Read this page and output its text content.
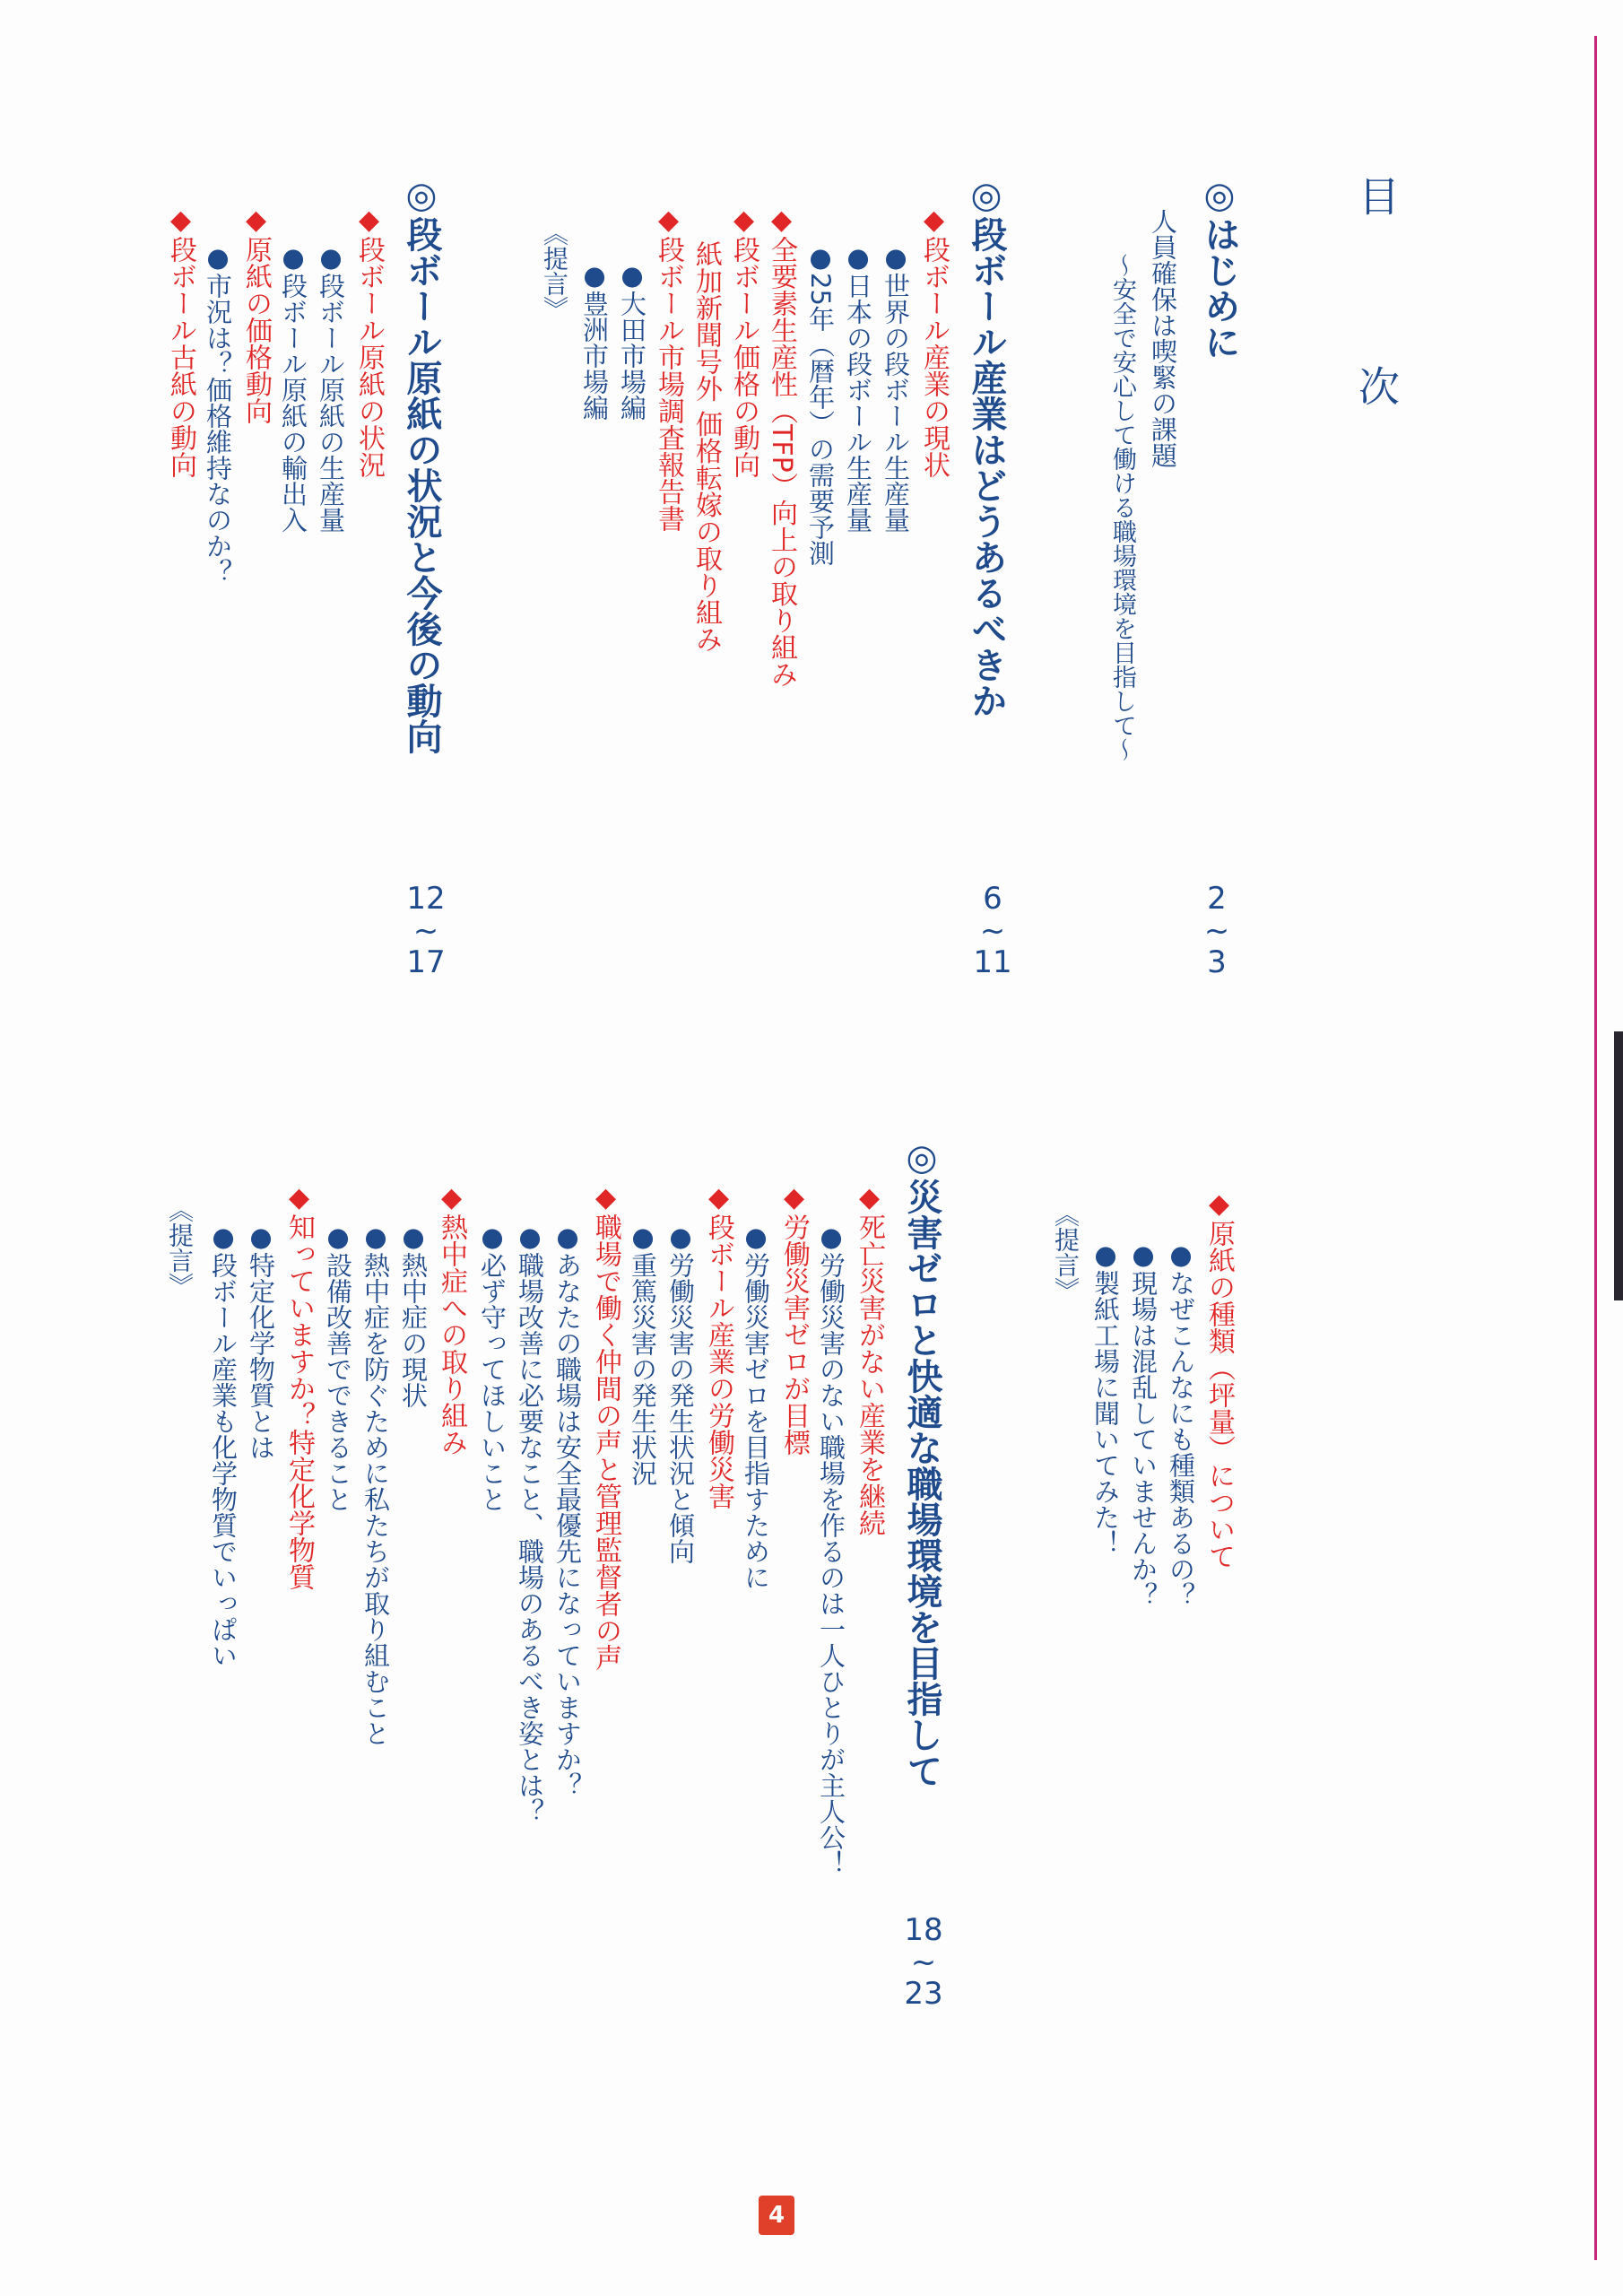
目　次
◎はじめに
人員確保は喫緊の課題
～安全で安心して働ける職場環境を目指して～
2
~
3
◎段ボール産業はどうあるべきか
◆段ボール産業の現状
●世界の段ボール生産量
●日本の段ボール生産量
●25年（暦年）の需要予測
◆全要素生産性（TFP）向上の取り組み
◆段ボール価格の動向
紙加新聞号外 価格転嫁の取り組み
◆段ボール市場調査報告書
●大田市場編
●豊洲市場編
《提言》
6
~
11
◎段ボール原紙の状況と今後の動向
◆段ボール原紙の状況
●段ボール原紙の生産量
●段ボール原紙の輸出入
◆原紙の価格動向
●市況は？価格維持なのか？
◆段ボール古紙の動向
12
~
17
◆原紙の種類（坪量）について
●なぜこんなにも種類あるの？
●現場は混乱していませんか？
●製紙工場に聞いてみた！
《提言》
◎災害ゼロと快適な職場環境を目指して
◆死亡災害がない産業を継続
●労働災害のない職場を作るのは一人ひとりが主人公！
◆労働災害ゼロが目標
●労働災害ゼロを目指すために
◆段ボール産業の労働災害
●労働災害の発生状況と傾向
●重篤災害の発生状況
◆職場で働く仲間の声と管理監督者の声
●あなたの職場は安全最優先になっていますか？
●職場改善に必要なこと、職場のあるべき姿とは？
●必ず守ってほしいこと
◆熱中症への取り組み
●熱中症の現状
●熱中症を防ぐために私たちが取り組むこと
●設備改善でできること
◆知っていますか？特定化学物質
●特定化学物質とは
●段ボール産業も化学物質でいっぱい
《提言》
18
~
23
4
